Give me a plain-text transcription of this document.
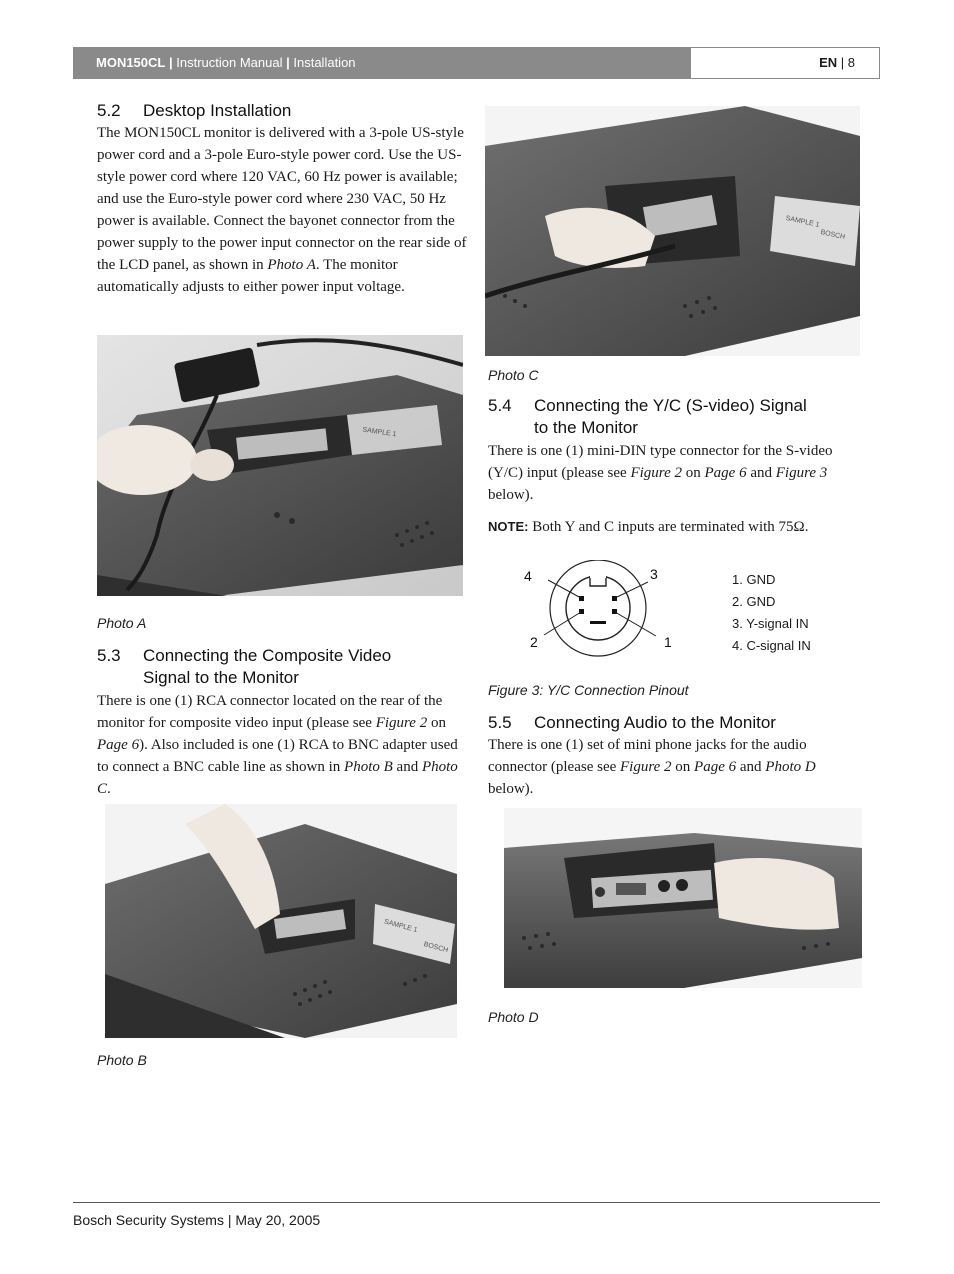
MON150CL | Instruction Manual | Installation	EN | 8
5.2 Desktop Installation

The MON150CL monitor is delivered with a 3-pole US-style power cord and a 3-pole Euro-style power cord. Use the US-style power cord where 120 VAC, 60 Hz power is available; and use the Euro-style power cord where 230 VAC, 50 Hz power is available. Connect the bayonet connector from the power supply to the power input connector on the rear side of the LCD panel, as shown in Photo A. The monitor automatically adjusts to either power input voltage.

SAMPLE 1
Photo A
5.3 Connecting the Composite Video
Signal to the Monitor

There is one (1) RCA connector located on the rear of the monitor for composite video input (please see Figure 2 on Page 6). Also included is one (1) RCA to BNC adapter used to connect a BNC cable line as shown in Photo B and Photo C.

SAMPLE 1
BOSCH
Photo B
SAMPLE 1
BOSCH
Photo C
5.4 Connecting the Y/C (S-video) Signal
to the Monitor

There is one (1) mini-DIN type connector for the S-video (Y/C) input (please see Figure 2 on Page 6 and Figure 3 below).

NOTE: Both Y and C inputs are terminated with 75Ω.
4	3
2	1
1. GND
2. GND
3. Y-signal IN
4. C-signal IN
Figure 3: Y/C Connection Pinout
5.5 Connecting Audio to the Monitor

There is one (1) set of mini phone jacks for the audio connector (please see Figure 2 on Page 6 and Photo D below).

Photo D
Bosch Security Systems | May 20, 2005
